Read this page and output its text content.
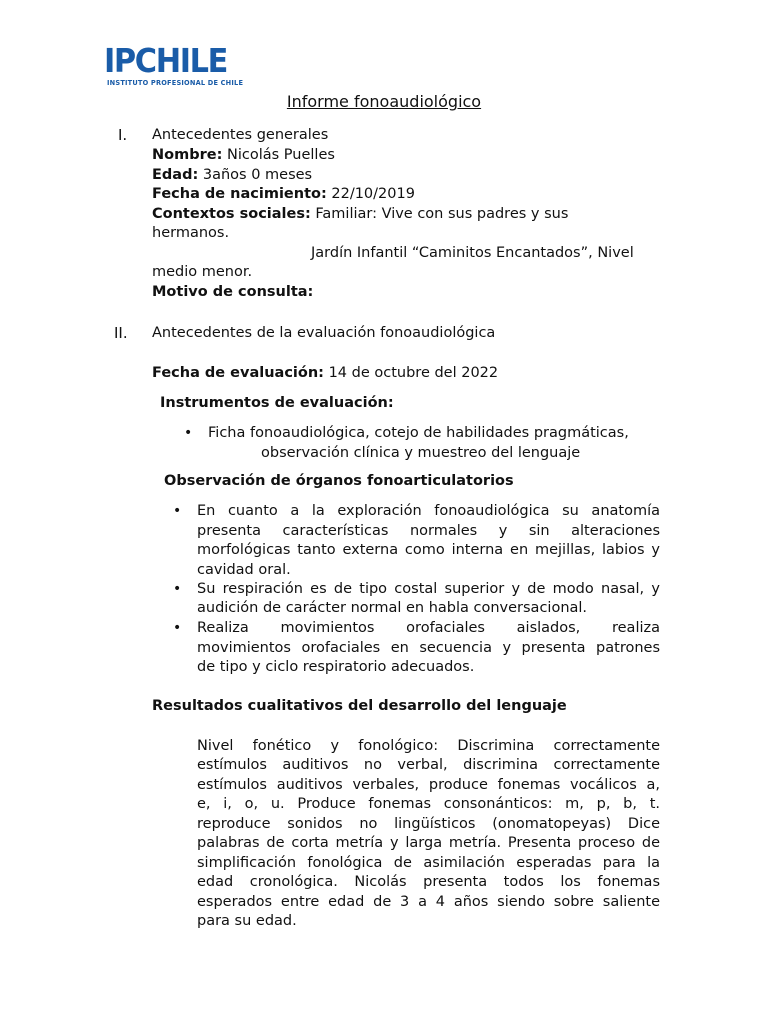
IPCHILE
INSTITUTO PROFESIONAL DE CHILE
Informe fonoaudiológico
I. Antecedentes generales
Nombre: Nicolás Puelles
Edad: 3años 0 meses
Fecha de nacimiento: 22/10/2019
Contextos sociales: Familiar: Vive con sus padres y sus
hermanos.
Jardín Infantil “Caminitos Encantados”, Nivel
medio menor.
Motivo de consulta:
II. Antecedentes de la evaluación fonoaudiológica
Fecha de evaluación: 14 de octubre del 2022
Instrumentos de evaluación:
• Ficha fonoaudiológica, cotejo de habilidades pragmáticas,
observación clínica y muestreo del lenguaje
Observación de órganos fonoarticulatorios
• En cuanto a la exploración fonoaudiológica su anatomía
presenta características normales y sin alteraciones
morfológicas tanto externa como interna en mejillas, labios y
cavidad oral.
• Su respiración es de tipo costal superior y de modo nasal, y
audición de carácter normal en habla conversacional.
• Realiza movimientos orofaciales aislados, realiza
movimientos orofaciales en secuencia y presenta patrones
de tipo y ciclo respiratorio adecuados.
Resultados cualitativos del desarrollo del lenguaje
Nivel fonético y fonológico: Discrimina correctamente
estímulos auditivos no verbal, discrimina correctamente
estímulos auditivos verbales, produce fonemas vocálicos a,
e, i, o, u. Produce fonemas consonánticos: m, p, b, t.
reproduce sonidos no lingüísticos (onomatopeyas) Dice
palabras de corta metría y larga metría. Presenta proceso de
simplificación fonológica de asimilación esperadas para la
edad cronológica. Nicolás presenta todos los fonemas
esperados entre edad de 3 a 4 años siendo sobre saliente
para su edad.
